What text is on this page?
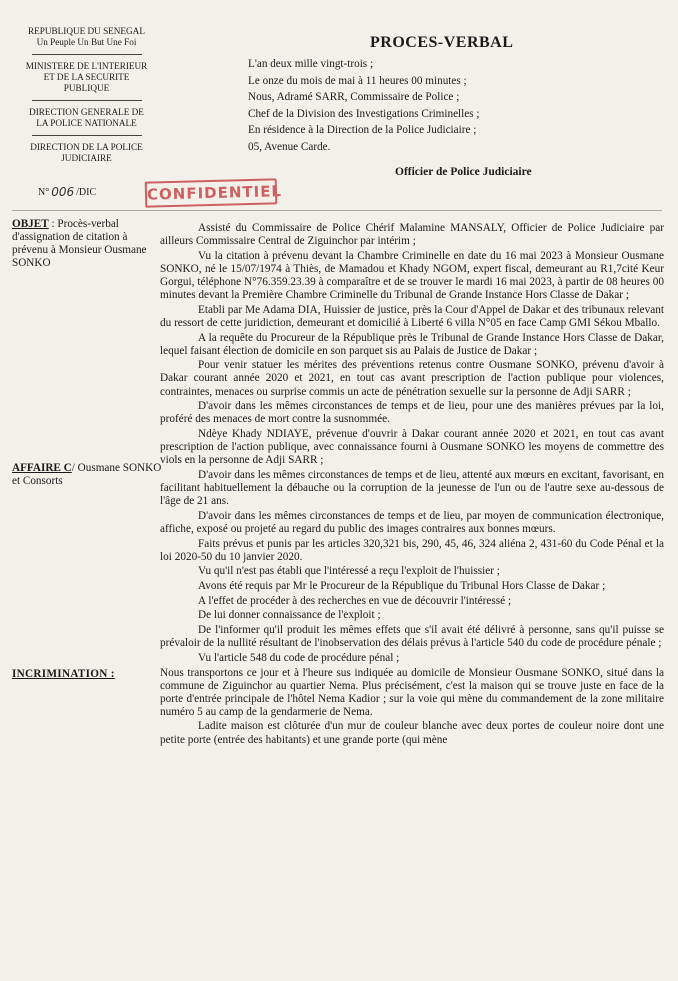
REPUBLIQUE DU SENEGAL
Un Peuple Un But Une Foi
MINISTERE DE L'INTERIEUR
ET DE LA SECURITE
PUBLIQUE
DIRECTION GENERALE DE
LA POLICE NATIONALE
DIRECTION DE LA POLICE
JUDICIAIRE
N° 006 /DIC	CONFIDENTIEL
PROCES-VERBAL
L'an deux mille vingt-trois ;
Le onze du mois de mai à 11 heures 00 minutes ;
Nous, Adramé SARR, Commissaire de Police ;
Chef de la Division des Investigations Criminelles ;
En résidence à la Direction de la Police Judiciaire ;
05, Avenue Carde.
Officier de Police Judiciaire
OBJET : Procès-verbal d'assignation de citation à prévenu à Monsieur Ousmane SONKO
AFFAIRE C/ Ousmane SONKO et Consorts
INCRIMINATION :

Assisté du Commissaire de Police Chérif Malamine MANSALY, Officier de Police Judiciaire par ailleurs Commissaire Central de Ziguinchor par intérim ;

Vu la citation à prévenu devant la Chambre Criminelle en date du 16 mai 2023 à Monsieur Ousmane SONKO, né le 15/07/1974 à Thiès, de Mamadou et Khady NGOM, expert fiscal, demeurant au R1,7cité Keur Gorgui, téléphone N°76.359.23.39 à comparaître et de se trouver le mardi 16 mai 2023, à partir de 08 heures 00 minutes devant la Première Chambre Criminelle du Tribunal de Grande Instance Hors Classe de Dakar ;

Etabli par Me Adama DIA, Huissier de justice, près la Cour d'Appel de Dakar et des tribunaux relevant du ressort de cette juridiction, demeurant et domicilié à Liberté 6 villa N°05 en face Camp GMI Sékou Mballo.

A la requête du Procureur de la République près le Tribunal de Grande Instance Hors Classe de Dakar, lequel faisant élection de domicile en son parquet sis au Palais de Justice de Dakar ;

Pour venir statuer les mérites des préventions retenus contre Ousmane SONKO, prévenu d'avoir à Dakar courant année 2020 et 2021, en tout cas avant prescription de l'action publique pour violences, contraintes, menaces ou surprise commis un acte de pénétration sexuelle sur la personne de Adji SARR ;

D'avoir dans les mêmes circonstances de temps et de lieu, pour une des manières prévues par la loi, proféré des menaces de mort contre la susnommée.

Ndèye Khady NDIAYE, prévenue d'ouvrir à Dakar courant année 2020 et 2021, en tout cas avant prescription de l'action publique, avec connaissance fourni à Ousmane SONKO les moyens de commettre des viols en la personne de Adji SARR ;

D'avoir dans les mêmes circonstances de temps et de lieu, attenté aux mœurs en excitant, favorisant, en facilitant habituellement la débauche ou la corruption de la jeunesse de l'un ou de l'autre sexe au-dessous de l'âge de 21 ans.

D'avoir dans les mêmes circonstances de temps et de lieu, par moyen de communication électronique, affiche, exposé ou projeté au regard du public des images contraires aux bonnes mœurs.

Faits prévus et punis par les articles 320,321 bis, 290, 45, 46, 324 aliéna 2, 431-60 du Code Pénal et la loi 2020-50 du 10 janvier 2020.

Vu qu'il n'est pas établi que l'intéressé a reçu l'exploit de l'huissier ;

Avons été requis par Mr le Procureur de la République du Tribunal Hors Classe de Dakar ;

A l'effet de procéder à des recherches en vue de découvrir l'intéressé ;

De lui donner connaissance de l'exploit ;

De l'informer qu'il produit les mêmes effets que s'il avait été délivré à personne, sans qu'il puisse se prévaloir de la nullité résultant de l'inobservation des délais prévus à l'article 540 du code de procédure pénale ;

Vu l'article 548 du code de procédure pénal ;

Nous transportons ce jour et à l'heure sus indiquée au domicile de Monsieur Ousmane SONKO, situé dans la commune de Ziguinchor au quartier Nema. Plus précisément, c'est la maison qui se trouve juste en face de la porte d'entrée principale de l'hôtel Nema Kadior ; sur la voie qui mène du commandement de la zone militaire numéro 5 au camp de la gendarmerie de Nema.

Ladite maison est clôturée d'un mur de couleur blanche avec deux portes de couleur noire dont une petite porte (entrée des habitants) et une grande porte (qui mène
